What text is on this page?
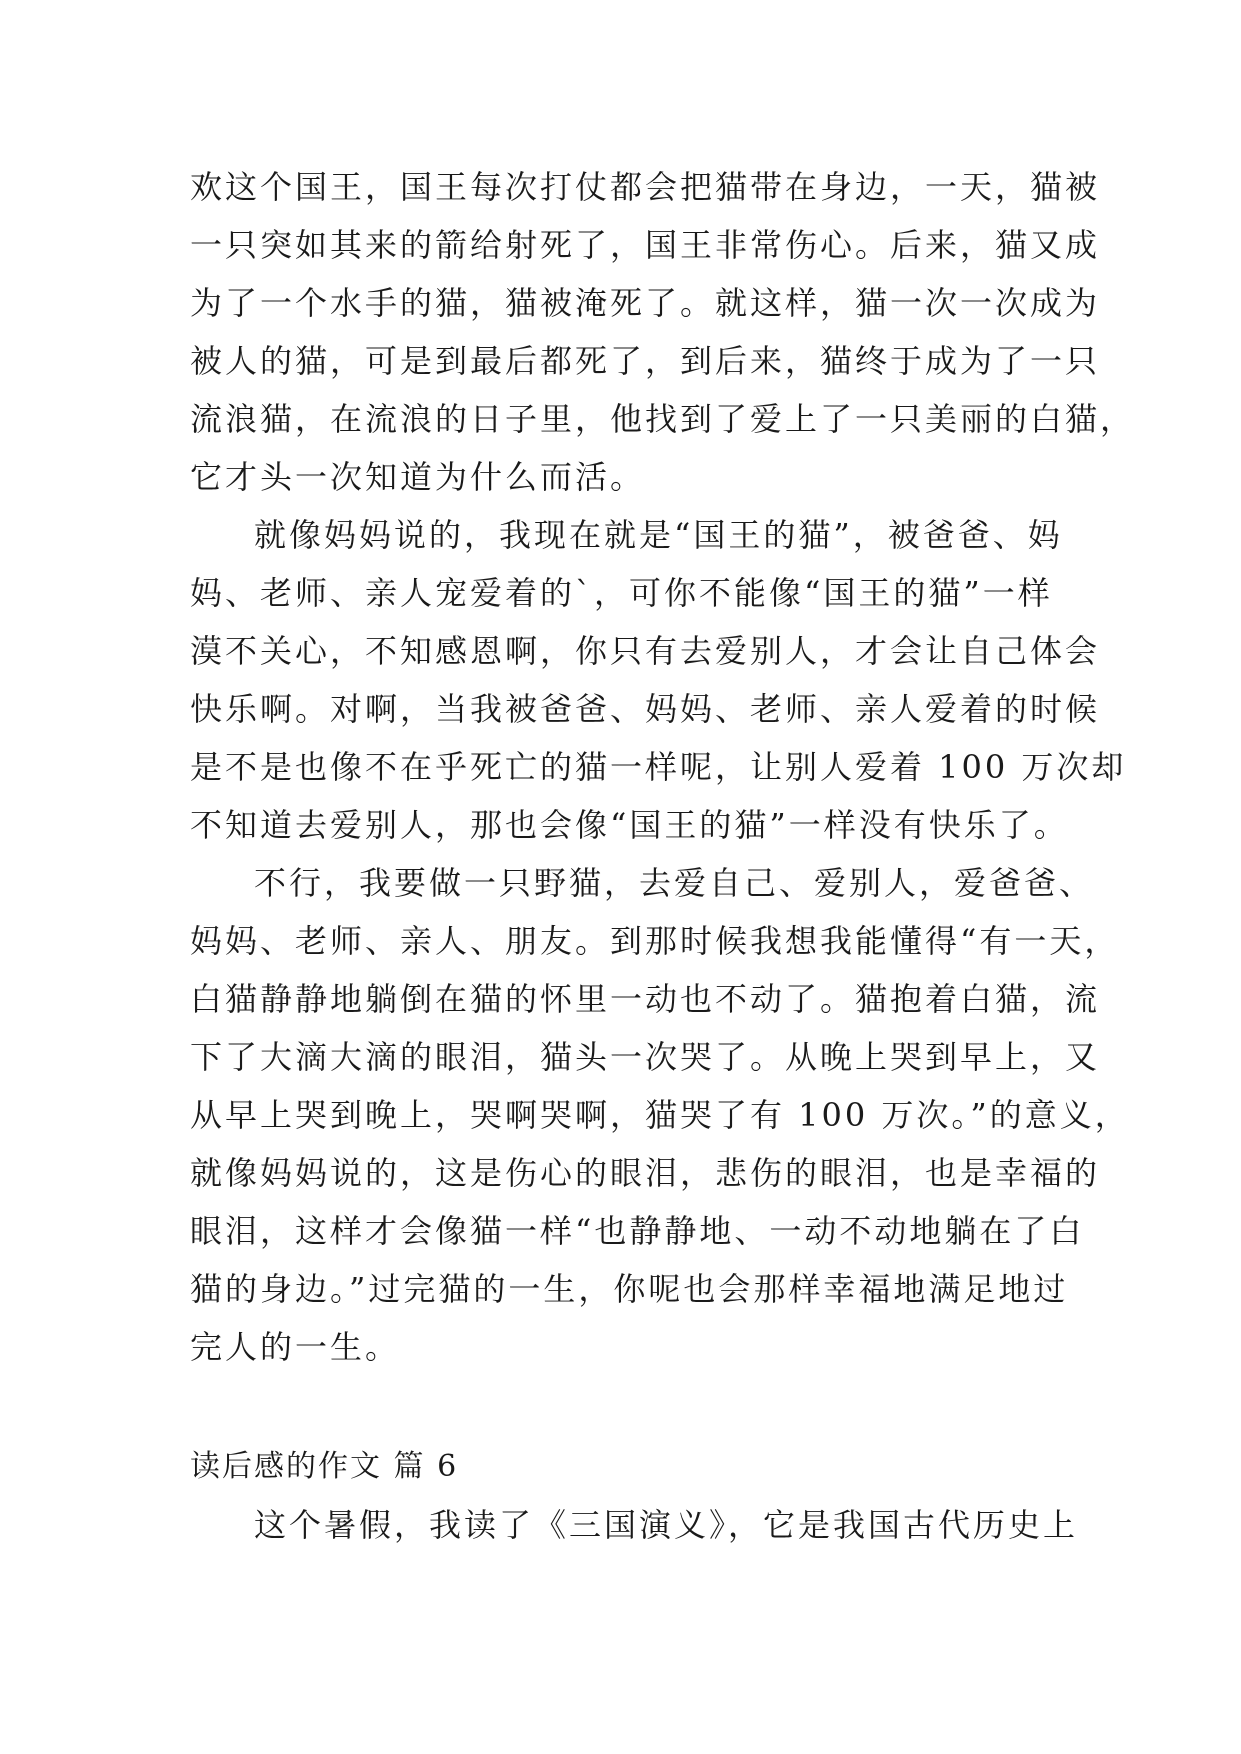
欢这个国王，国王每次打仗都会把猫带在身边，一天，猫被
一只突如其来的箭给射死了，国王非常伤心。后来，猫又成
为了一个水手的猫，猫被淹死了。就这样，猫一次一次成为
被人的猫，可是到最后都死了，到后来，猫终于成为了一只
流浪猫，在流浪的日子里，他找到了爱上了一只美丽的白猫，
它才头一次知道为什么而活。
就像妈妈说的，我现在就是“国王的猫”，被爸爸、妈
妈、老师、亲人宠爱着的`，可你不能像“国王的猫”一样
漠不关心，不知感恩啊，你只有去爱别人，才会让自己体会
快乐啊。对啊，当我被爸爸、妈妈、老师、亲人爱着的时候
是不是也像不在乎死亡的猫一样呢，让别人爱着 100 万次却
不知道去爱别人，那也会像“国王的猫”一样没有快乐了。
不行，我要做一只野猫，去爱自己、爱别人，爱爸爸、
妈妈、老师、亲人、朋友。到那时候我想我能懂得“有一天，
白猫静静地躺倒在猫的怀里一动也不动了。猫抱着白猫，流
下了大滴大滴的眼泪，猫头一次哭了。从晚上哭到早上，又
从早上哭到晚上，哭啊哭啊，猫哭了有 100 万次。”的意义，
就像妈妈说的，这是伤心的眼泪，悲伤的眼泪，也是幸福的
眼泪，这样才会像猫一样“也静静地、一动不动地躺在了白
猫的身边。”过完猫的一生，你呢也会那样幸福地满足地过
完人的一生。
读后感的作文 篇 6
这个暑假，我读了《三国演义》，它是我国古代历史上
